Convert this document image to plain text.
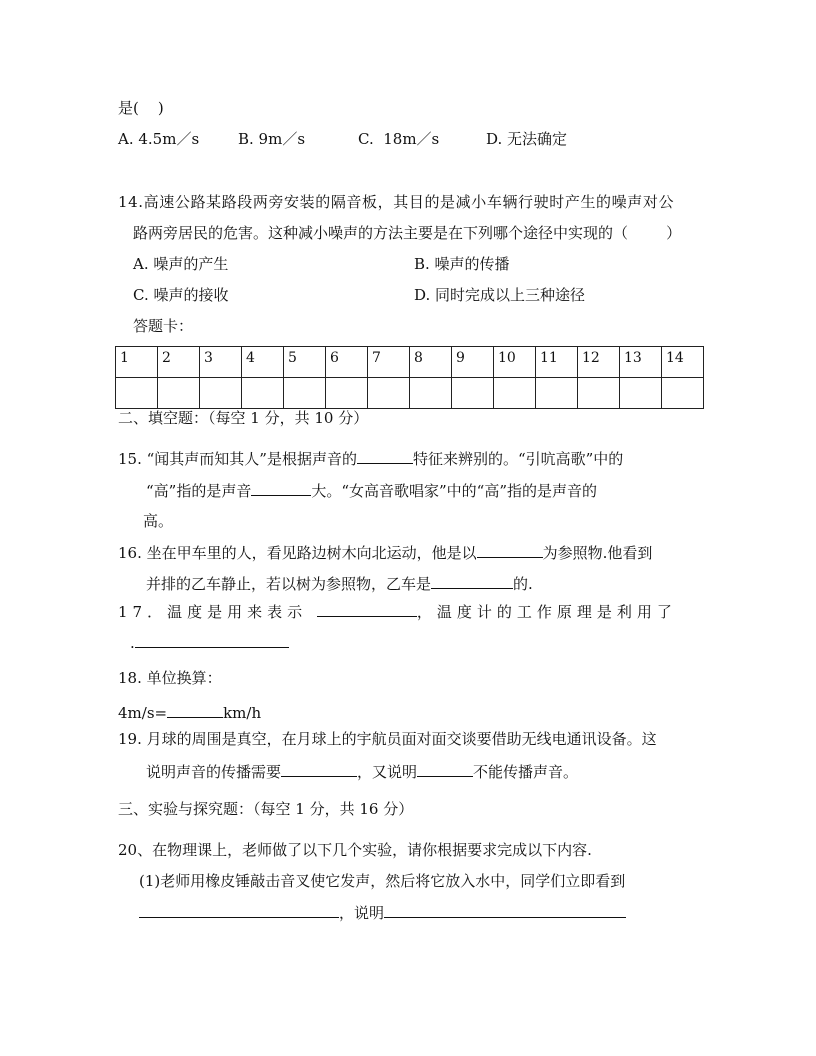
是(    )
A. 4.5m／s	B. 9m／s	C.  18m／s	D. 无法确定
14.高速公路某路段两旁安装的隔音板，其目的是减小车辆行驶时产生的噪声对公
路两旁居民的危害。这种减小噪声的方法主要是在下列哪个途径中实现的（        ）
A. 噪声的产生	B. 噪声的传播
C. 噪声的接收	D. 同时完成以上三种途径
答题卡：
1	2	3	4	5	6	7	8	9	10	11	12	13	14

二、填空题：（每空 1 分，共 10 分）
15. “闻其声而知其人”是根据声音的	特征来辨别的。“引吭高歌”中的
“高”指的是声音	大。“女高音歌唱家”中的“高”指的是声音的
高。
16. 坐在甲车里的人，看见路边树木向北运动，他是以	为参照物.他看到
并排的乙车静止，若以树为参照物，乙车是	的.
17．温度是用来表示	，温度计的工作原理是利用了
.
18. 单位换算：
4m/s=	km/h
19. 月球的周围是真空，在月球上的宇航员面对面交谈要借助无线电通讯设备。这
说明声音的传播需要	，又说明	不能传播声音。
三、实验与探究题：（每空 1 分，共 16 分）
20、在物理课上，老师做了以下几个实验，请你根据要求完成以下内容.
(1)老师用橡皮锤敲击音叉使它发声，然后将它放入水中，同学们立即看到
，说明
